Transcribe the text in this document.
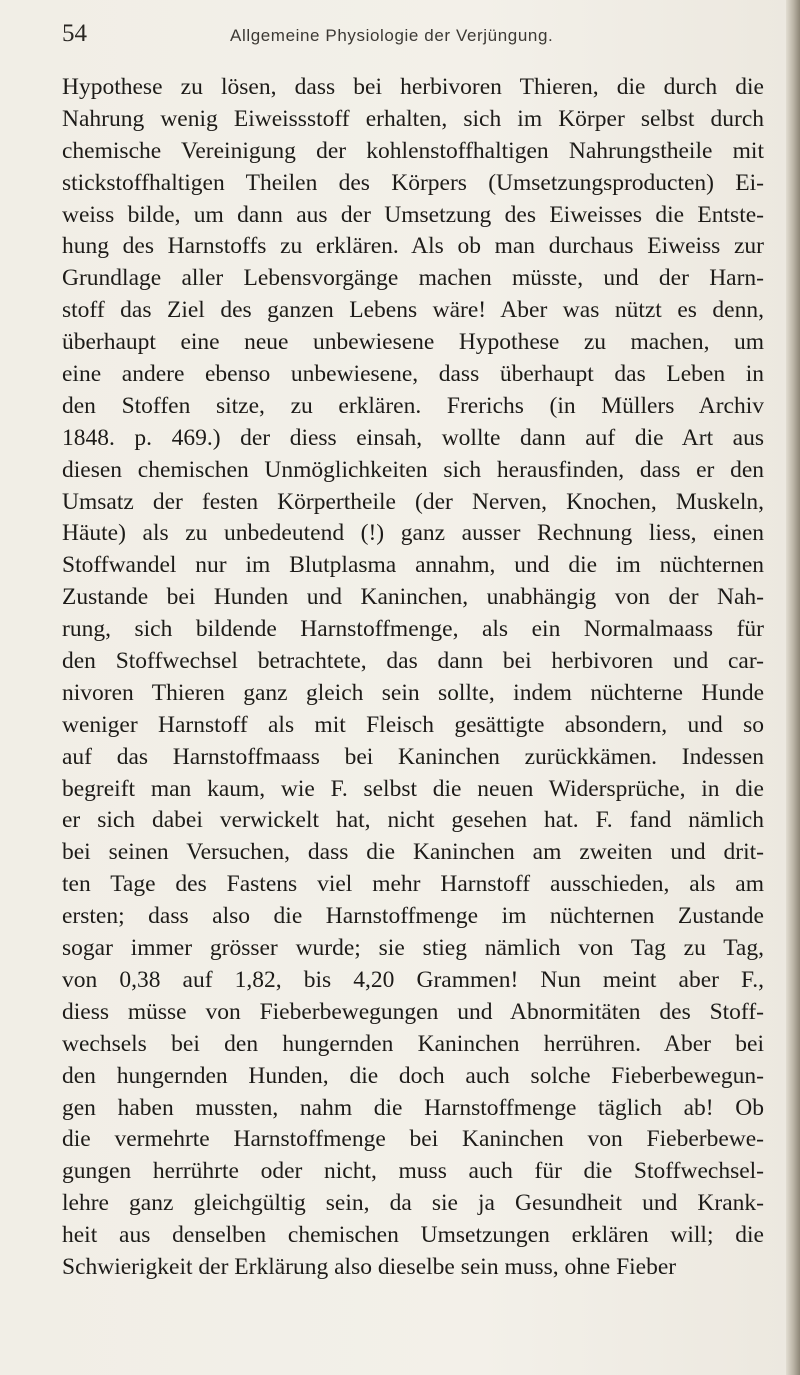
54	Allgemeine Physiologie der Verjüngung.
Hypothese zu lösen, dass bei herbivoren Thieren, die durch die
Nahrung wenig Eiweissstoff erhalten, sich im Körper selbst durch
chemische Vereinigung der kohlenstoffhaltigen Nahrungstheile mit
stickstoffhaltigen Theilen des Körpers (Umsetzungsproducten) Ei-
weiss bilde, um dann aus der Umsetzung des Eiweisses die Entste-
hung des Harnstoffs zu erklären. Als ob man durchaus Eiweiss zur
Grundlage aller Lebensvorgänge machen müsste, und der Harn-
stoff das Ziel des ganzen Lebens wäre! Aber was nützt es denn,
überhaupt eine neue unbewiesene Hypothese zu machen, um
eine andere ebenso unbewiesene, dass überhaupt das Leben in
den Stoffen sitze, zu erklären. Frerichs (in Müllers Archiv
1848. p. 469.) der diess einsah, wollte dann auf die Art aus
diesen chemischen Unmöglichkeiten sich herausfinden, dass er den
Umsatz der festen Körpertheile (der Nerven, Knochen, Muskeln,
Häute) als zu unbedeutend (!) ganz ausser Rechnung liess, einen
Stoffwandel nur im Blutplasma annahm, und die im nüchternen
Zustande bei Hunden und Kaninchen, unabhängig von der Nah-
rung, sich bildende Harnstoffmenge, als ein Normalmaass für
den Stoffwechsel betrachtete, das dann bei herbivoren und car-
nivoren Thieren ganz gleich sein sollte, indem nüchterne Hunde
weniger Harnstoff als mit Fleisch gesättigte absondern, und so
auf das Harnstoffmaass bei Kaninchen zurückkämen. Indessen
begreift man kaum, wie F. selbst die neuen Widersprüche, in die
er sich dabei verwickelt hat, nicht gesehen hat. F. fand nämlich
bei seinen Versuchen, dass die Kaninchen am zweiten und drit-
ten Tage des Fastens viel mehr Harnstoff ausschieden, als am
ersten; dass also die Harnstoffmenge im nüchternen Zustande
sogar immer grösser wurde; sie stieg nämlich von Tag zu Tag,
von 0,38 auf 1,82, bis 4,20 Grammen! Nun meint aber F.,
diess müsse von Fieberbewegungen und Abnormitäten des Stoff-
wechsels bei den hungernden Kaninchen herrühren. Aber bei
den hungernden Hunden, die doch auch solche Fieberbewegun-
gen haben mussten, nahm die Harnstoffmenge täglich ab! Ob
die vermehrte Harnstoffmenge bei Kaninchen von Fieberbewe-
gungen herrührte oder nicht, muss auch für die Stoffwechsel-
lehre ganz gleichgültig sein, da sie ja Gesundheit und Krank-
heit aus denselben chemischen Umsetzungen erklären will; die
Schwierigkeit der Erklärung also dieselbe sein muss, ohne Fieber
